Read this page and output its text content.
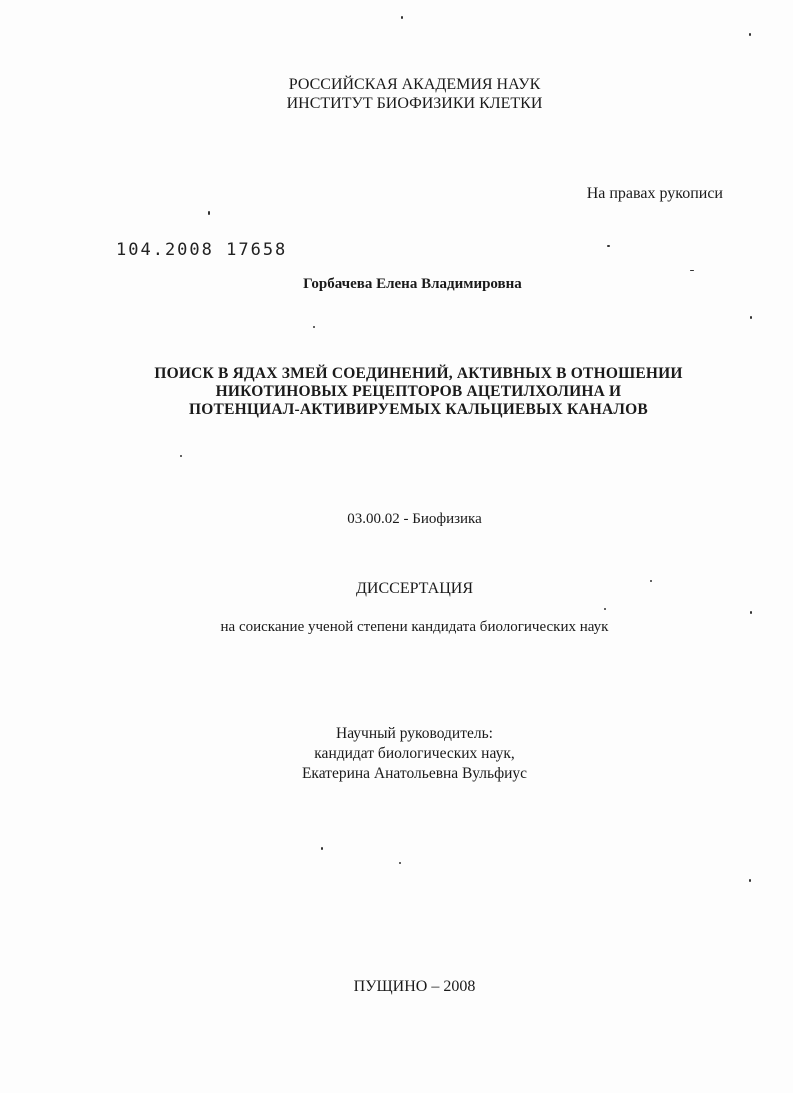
РОССИЙСКАЯ АКАДЕМИЯ НАУК
ИНСТИТУТ БИОФИЗИКИ КЛЕТКИ
На правах рукописи
104.2008 17658
Горбачева Елена Владимировна
ПОИСК В ЯДАХ ЗМЕЙ СОЕДИНЕНИЙ, АКТИВНЫХ В ОТНОШЕНИИ
НИКОТИНОВЫХ РЕЦЕПТОРОВ АЦЕТИЛХОЛИНА И
ПОТЕНЦИАЛ-АКТИВИРУЕМЫХ КАЛЬЦИЕВЫХ КАНАЛОВ
03.00.02 - Биофизика
ДИССЕРТАЦИЯ
на соискание ученой степени кандидата биологических наук
Научный руководитель:
кандидат биологических наук,
Екатерина Анатольевна Вульфиус
ПУЩИНО – 2008
